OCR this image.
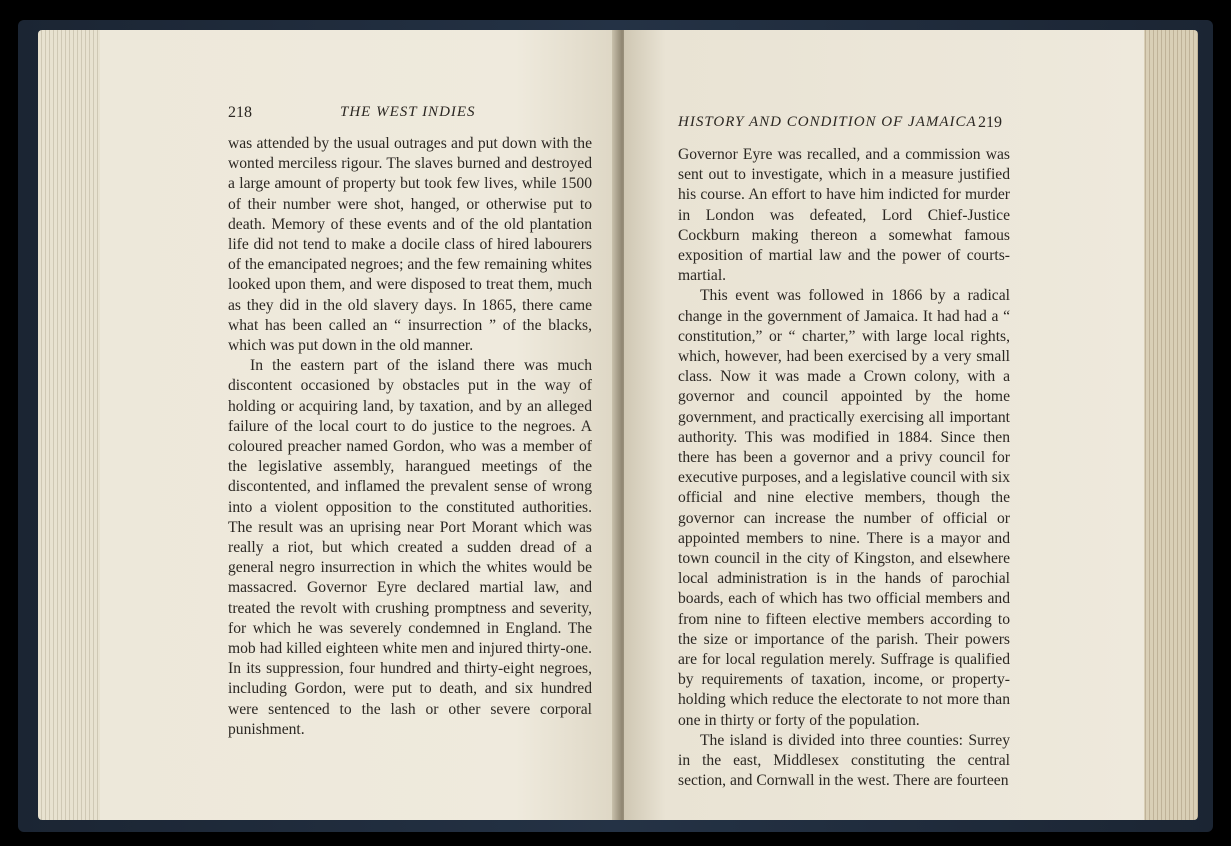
218	THE WEST INDIES

was attended by the usual outrages and put down with the wonted merciless rigour. The slaves burned and destroyed a large amount of property but took few lives, while 1500 of their number were shot, hanged, or otherwise put to death. Memory of these events and of the old plantation life did not tend to make a docile class of hired labourers of the emancipated negroes; and the few remaining whites looked upon them, and were disposed to treat them, much as they did in the old slavery days. In 1865, there came what has been called an “ insurrection ” of the blacks, which was put down in the old manner.

In the eastern part of the island there was much discontent occasioned by obstacles put in the way of holding or acquiring land, by taxation, and by an alleged failure of the local court to do justice to the negroes. A coloured preacher named Gordon, who was a member of the legislative assembly, harangued meetings of the discontented, and inflamed the prevalent sense of wrong into a violent opposition to the constituted authorities. The result was an uprising near Port Morant which was really a riot, but which created a sudden dread of a general negro insurrection in which the whites would be massacred. Governor Eyre declared martial law, and treated the revolt with crushing promptness and severity, for which he was severely condemned in England. The mob had killed eighteen white men and injured thirty-one. In its suppression, four hundred and thirty-eight negroes, including Gordon, were put to death, and six hundred were sentenced to the lash or other severe corporal punishment.

HISTORY AND CONDITION OF JAMAICA 219

Governor Eyre was recalled, and a commission was sent out to investigate, which in a measure justified his course. An effort to have him indicted for murder in London was defeated, Lord Chief-Justice Cockburn making thereon a somewhat famous exposition of martial law and the power of courts-martial.

This event was followed in 1866 by a radical change in the government of Jamaica. It had had a “ constitution,” or “ charter,” with large local rights, which, however, had been exercised by a very small class. Now it was made a Crown colony, with a governor and council appointed by the home government, and practically exercising all important authority. This was modified in 1884. Since then there has been a governor and a privy council for executive purposes, and a legislative council with six official and nine elective members, though the governor can increase the number of official or appointed members to nine. There is a mayor and town council in the city of Kingston, and elsewhere local administration is in the hands of parochial boards, each of which has two official members and from nine to fifteen elective members according to the size or importance of the parish. Their powers are for local regulation merely. Suffrage is qualified by requirements of taxation, income, or property-holding which reduce the electorate to not more than one in thirty or forty of the population.

The island is divided into three counties: Surrey in the east, Middlesex constituting the central section, and Cornwall in the west. There are fourteen
